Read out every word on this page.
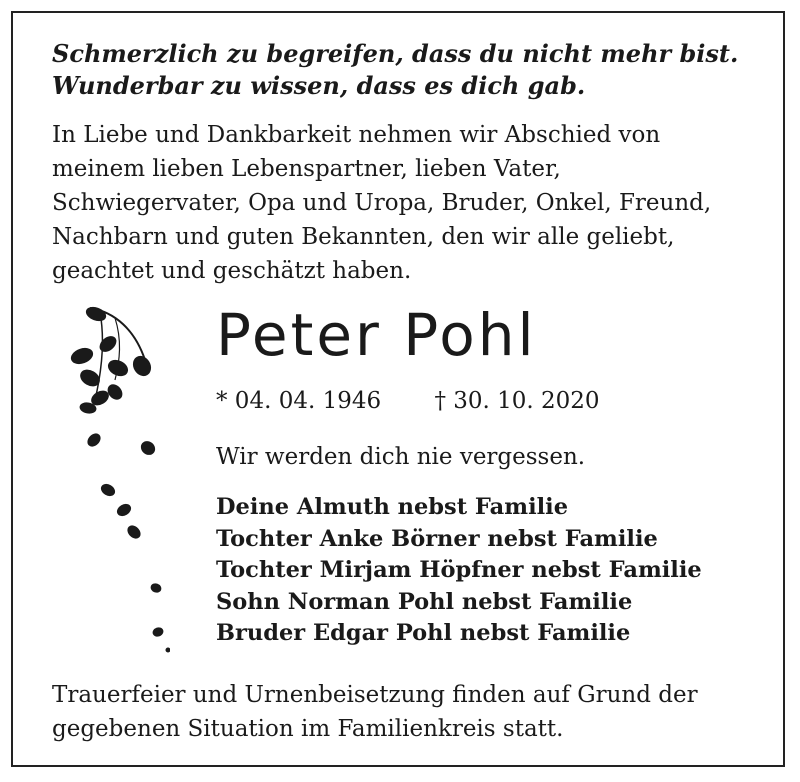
Schmerzlich zu begreifen, dass du nicht mehr bist.
Wunderbar zu wissen, dass es dich gab.
In Liebe und Dankbarkeit nehmen wir Abschied von
meinem lieben Lebenspartner, lieben Vater,
Schwiegervater, Opa und Uropa, Bruder, Onkel, Freund,
Nachbarn und guten Bekannten, den wir alle geliebt,
geachtet und geschätzt haben.
Peter Pohl
* 04. 04. 1946 † 30. 10. 2020
Wir werden dich nie vergessen.
Deine Almuth nebst Familie
Tochter Anke Börner nebst Familie
Tochter Mirjam Höpfner nebst Familie
Sohn Norman Pohl nebst Familie
Bruder Edgar Pohl nebst Familie
Trauerfeier und Urnenbeisetzung finden auf Grund der
gegebenen Situation im Familienkreis statt.
